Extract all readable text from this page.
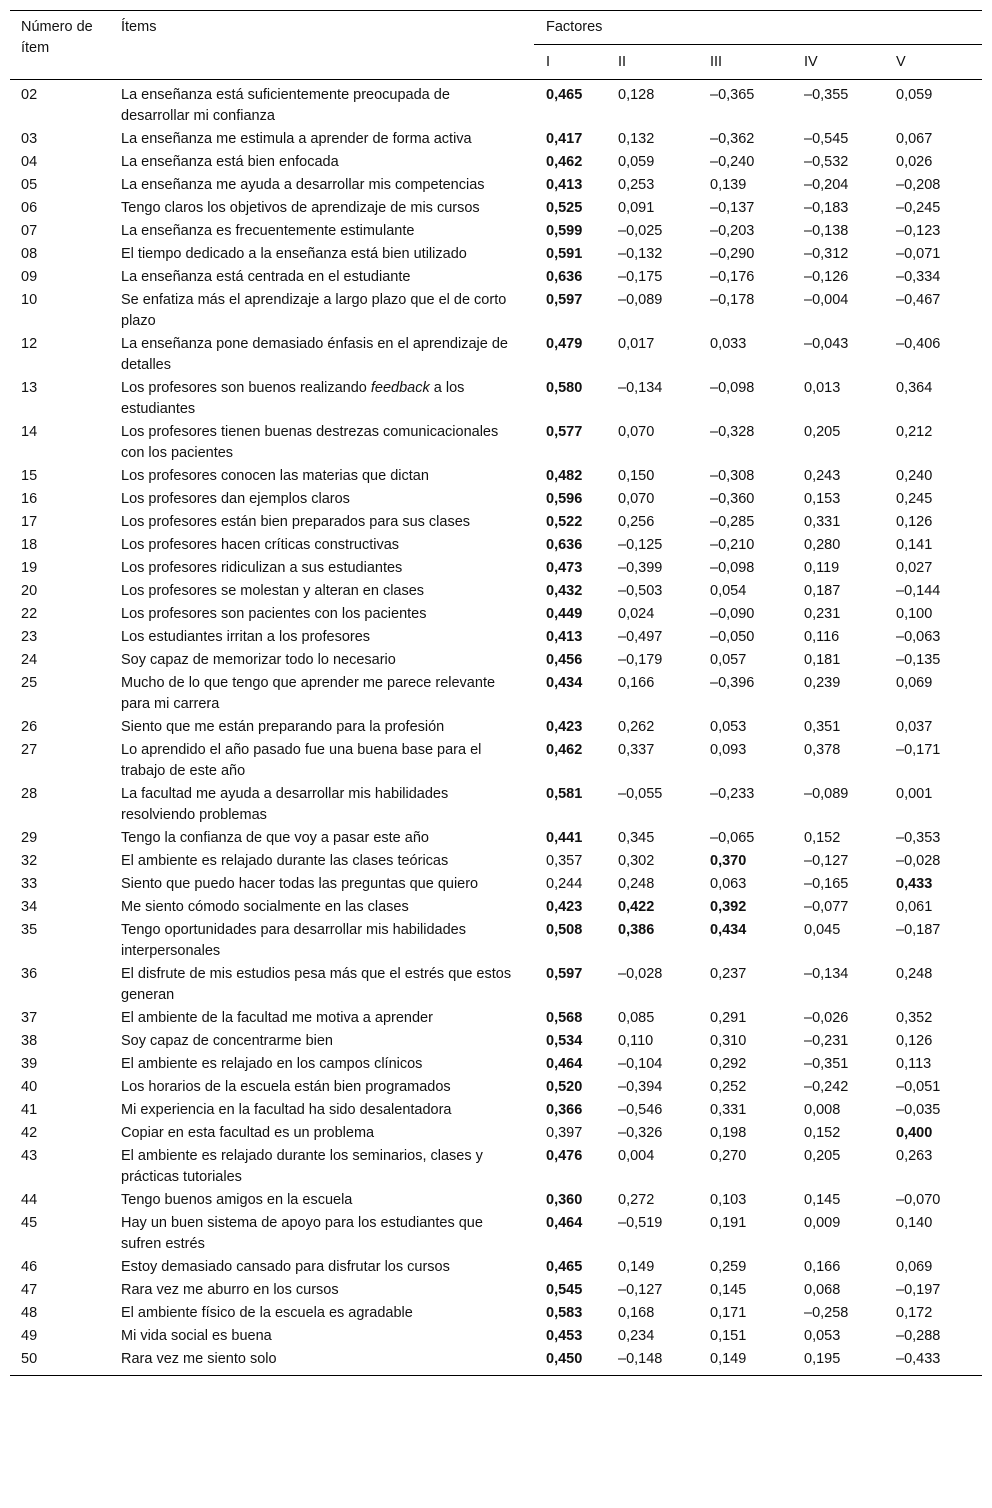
Número de ítem	Ítems	Factores				
		I	II	III	IV	V
02	La enseñanza está suficientemente preocupada de desarrollar mi confianza	0,465	0,128	–0,365	–0,355	0,059
03	La enseñanza me estimula a aprender de forma activa	0,417	0,132	–0,362	–0,545	0,067
04	La enseñanza está bien enfocada	0,462	0,059	–0,240	–0,532	0,026
05	La enseñanza me ayuda a desarrollar mis competencias	0,413	0,253	0,139	–0,204	–0,208
06	Tengo claros los objetivos de aprendizaje de mis cursos	0,525	0,091	–0,137	–0,183	–0,245
07	La enseñanza es frecuentemente estimulante	0,599	–0,025	–0,203	–0,138	–0,123
08	El tiempo dedicado a la enseñanza está bien utilizado	0,591	–0,132	–0,290	–0,312	–0,071
09	La enseñanza está centrada en el estudiante	0,636	–0,175	–0,176	–0,126	–0,334
10	Se enfatiza más el aprendizaje a largo plazo que el de corto plazo	0,597	–0,089	–0,178	–0,004	–0,467
12	La enseñanza pone demasiado énfasis en el aprendizaje de detalles	0,479	0,017	0,033	–0,043	–0,406
13	Los profesores son buenos realizando feedback a los estudiantes	0,580	–0,134	–0,098	0,013	0,364
14	Los profesores tienen buenas destrezas comunicacionales con los pacientes	0,577	0,070	–0,328	0,205	0,212
15	Los profesores conocen las materias que dictan	0,482	0,150	–0,308	0,243	0,240
16	Los profesores dan ejemplos claros	0,596	0,070	–0,360	0,153	0,245
17	Los profesores están bien preparados para sus clases	0,522	0,256	–0,285	0,331	0,126
18	Los profesores hacen críticas constructivas	0,636	–0,125	–0,210	0,280	0,141
19	Los profesores ridiculizan a sus estudiantes	0,473	–0,399	–0,098	0,119	0,027
20	Los profesores se molestan y alteran en clases	0,432	–0,503	0,054	0,187	–0,144
22	Los profesores son pacientes con los pacientes	0,449	0,024	–0,090	0,231	0,100
23	Los estudiantes irritan a los profesores	0,413	–0,497	–0,050	0,116	–0,063
24	Soy capaz de memorizar todo lo necesario	0,456	–0,179	0,057	0,181	–0,135
25	Mucho de lo que tengo que aprender me parece relevante para mi carrera	0,434	0,166	–0,396	0,239	0,069
26	Siento que me están preparando para la profesión	0,423	0,262	0,053	0,351	0,037
27	Lo aprendido el año pasado fue una buena base para el trabajo de este año	0,462	0,337	0,093	0,378	–0,171
28	La facultad me ayuda a desarrollar mis habilidades resolviendo problemas	0,581	–0,055	–0,233	–0,089	0,001
29	Tengo la confianza de que voy a pasar este año	0,441	0,345	–0,065	0,152	–0,353
32	El ambiente es relajado durante las clases teóricas	0,357	0,302	0,370	–0,127	–0,028
33	Siento que puedo hacer todas las preguntas que quiero	0,244	0,248	0,063	–0,165	0,433
34	Me siento cómodo socialmente en las clases	0,423	0,422	0,392	–0,077	0,061
35	Tengo oportunidades para desarrollar mis habilidades interpersonales	0,508	0,386	0,434	0,045	–0,187
36	El disfrute de mis estudios pesa más que el estrés que estos generan	0,597	–0,028	0,237	–0,134	0,248
37	El ambiente de la facultad me motiva a aprender	0,568	0,085	0,291	–0,026	0,352
38	Soy capaz de concentrarme bien	0,534	0,110	0,310	–0,231	0,126
39	El ambiente es relajado en los campos clínicos	0,464	–0,104	0,292	–0,351	0,113
40	Los horarios de la escuela están bien programados	0,520	–0,394	0,252	–0,242	–0,051
41	Mi experiencia en la facultad ha sido desalentadora	0,366	–0,546	0,331	0,008	–0,035
42	Copiar en esta facultad es un problema	0,397	–0,326	0,198	0,152	0,400
43	El ambiente es relajado durante los seminarios, clases y prácticas tutoriales	0,476	0,004	0,270	0,205	0,263
44	Tengo buenos amigos en la escuela	0,360	0,272	0,103	0,145	–0,070
45	Hay un buen sistema de apoyo para los estudiantes que sufren estrés	0,464	–0,519	0,191	0,009	0,140
46	Estoy demasiado cansado para disfrutar los cursos	0,465	0,149	0,259	0,166	0,069
47	Rara vez me aburro en los cursos	0,545	–0,127	0,145	0,068	–0,197
48	El ambiente físico de la escuela es agradable	0,583	0,168	0,171	–0,258	0,172
49	Mi vida social es buena	0,453	0,234	0,151	0,053	–0,288
50	Rara vez me siento solo	0,450	–0,148	0,149	0,195	–0,433
